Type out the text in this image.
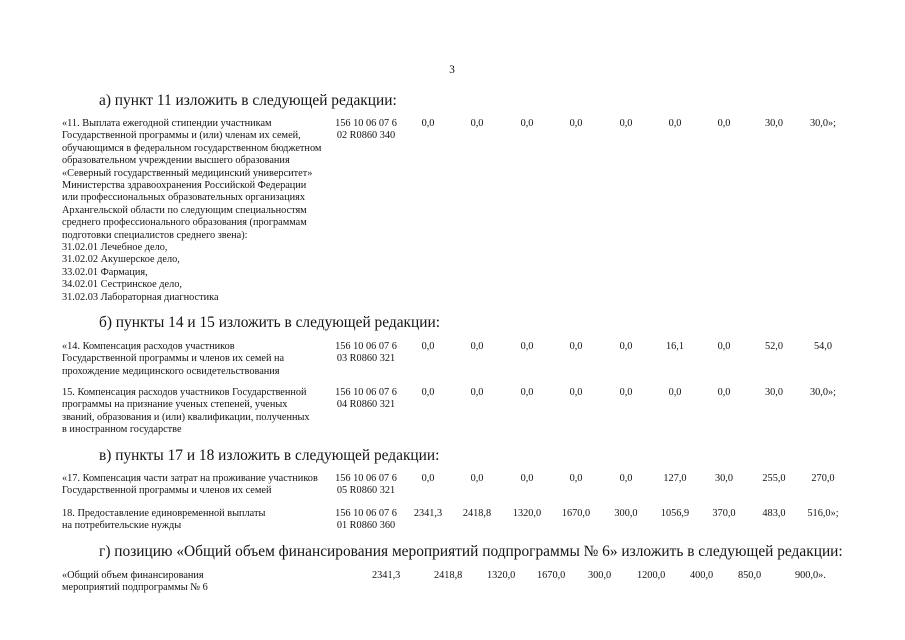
3
а) пункт 11 изложить в следующей редакции:
«11. Выплата ежегодной стипендии участникам
Государственной программы и (или) членам их семей,
обучающимся в федеральном государственном бюджетном
образовательном учреждении высшего образования
«Северный государственный медицинский университет»
Министерства здравоохранения Российской Федерации
или профессиональных образовательных организациях
Архангельской области по следующим специальностям
среднего профессионального образования (программам
подготовки специалистов среднего звена):
31.02.01 Лечебное дело,
31.02.02 Акушерское дело,
33.02.01 Фармация,
34.02.01 Сестринское дело,
31.02.03 Лабораторная диагностика
156 10 06 07 6
02 R0860 340
0,0	0,0	0,0	0,0	0,0	0,0	0,0	30,0	30,0»;
б) пункты 14 и 15 изложить в следующей редакции:
«14. Компенсация расходов участников
Государственной программы и членов их семей на
прохождение медицинского освидетельствования
156 10 06 07 6
03 R0860 321
0,0	0,0	0,0	0,0	0,0	16,1	0,0	52,0	54,0
15. Компенсация расходов участников Государственной
программы на признание ученых степеней, ученых
званий, образования и (или) квалификации, полученных
в иностранном государстве
156 10 06 07 6
04 R0860 321
0,0	0,0	0,0	0,0	0,0	0,0	0,0	30,0	30,0»;
в) пункты 17 и 18 изложить в следующей редакции:
«17. Компенсация части затрат на проживание участников
Государственной программы и членов их семей
156 10 06 07 6
05 R0860 321
0,0	0,0	0,0	0,0	0,0	127,0	30,0	255,0	270,0
18. Предоставление единовременной выплаты
на потребительские нужды
156 10 06 07 6
01 R0860 360
2341,3	2418,8	1320,0	1670,0	300,0	1056,9	370,0	483,0	516,0»;
г) позицию «Общий объем финансирования мероприятий подпрограммы № 6» изложить в следующей редакции:
«Общий объем финансирования
мероприятий подпрограммы № 6
2341,3	2418,8 1320,0 1670,0 300,0	1200,0 400,0 850,0	900,0».
